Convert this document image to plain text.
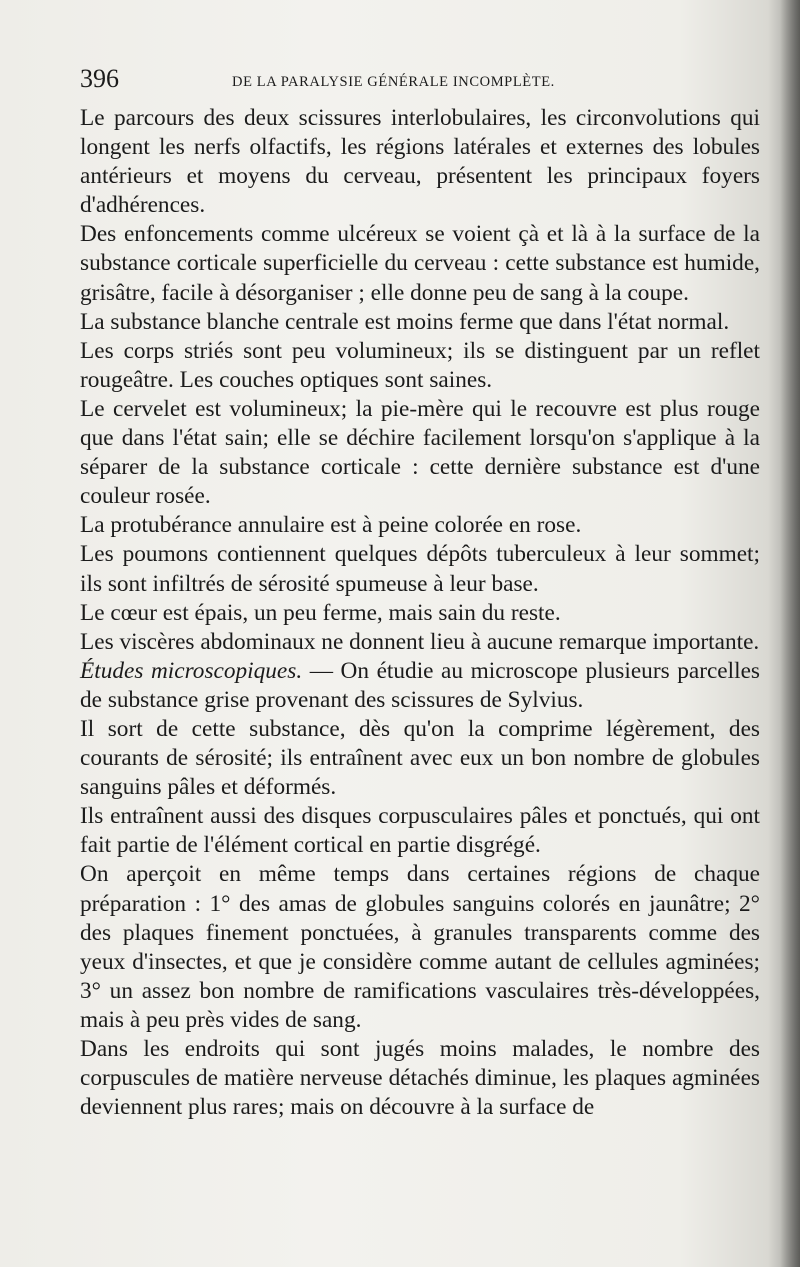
396	DE LA PARALYSIE GÉNÉRALE INCOMPLÈTE.

Le parcours des deux scissures interlobulaires, les circonvolutions qui longent les nerfs olfactifs, les régions latérales et externes des lobules antérieurs et moyens du cerveau, présentent les principaux foyers d'adhérences.

Des enfoncements comme ulcéreux se voient çà et là à la surface de la substance corticale superficielle du cerveau : cette substance est humide, grisâtre, facile à désorganiser ; elle donne peu de sang à la coupe.

La substance blanche centrale est moins ferme que dans l'état normal.

Les corps striés sont peu volumineux; ils se distinguent par un reflet rougeâtre. Les couches optiques sont saines.

Le cervelet est volumineux; la pie-mère qui le recouvre est plus rouge que dans l'état sain; elle se déchire facilement lorsqu'on s'applique à la séparer de la substance corticale : cette dernière substance est d'une couleur rosée.

La protubérance annulaire est à peine colorée en rose.

Les poumons contiennent quelques dépôts tuberculeux à leur sommet; ils sont infiltrés de sérosité spumeuse à leur base.

Le cœur est épais, un peu ferme, mais sain du reste.

Les viscères abdominaux ne donnent lieu à aucune remarque importante.

Études microscopiques. — On étudie au microscope plusieurs parcelles de substance grise provenant des scissures de Sylvius.

Il sort de cette substance, dès qu'on la comprime légèrement, des courants de sérosité; ils entraînent avec eux un bon nombre de globules sanguins pâles et déformés.

Ils entraînent aussi des disques corpusculaires pâles et ponctués, qui ont fait partie de l'élément cortical en partie disgrégé.

On aperçoit en même temps dans certaines régions de chaque préparation : 1° des amas de globules sanguins colorés en jaunâtre; 2° des plaques finement ponctuées, à granules transparents comme des yeux d'insectes, et que je considère comme autant de cellules agminées; 3° un assez bon nombre de ramifications vasculaires très-développées, mais à peu près vides de sang.

Dans les endroits qui sont jugés moins malades, le nombre des corpuscules de matière nerveuse détachés diminue, les plaques agminées deviennent plus rares; mais on découvre à la surface de
